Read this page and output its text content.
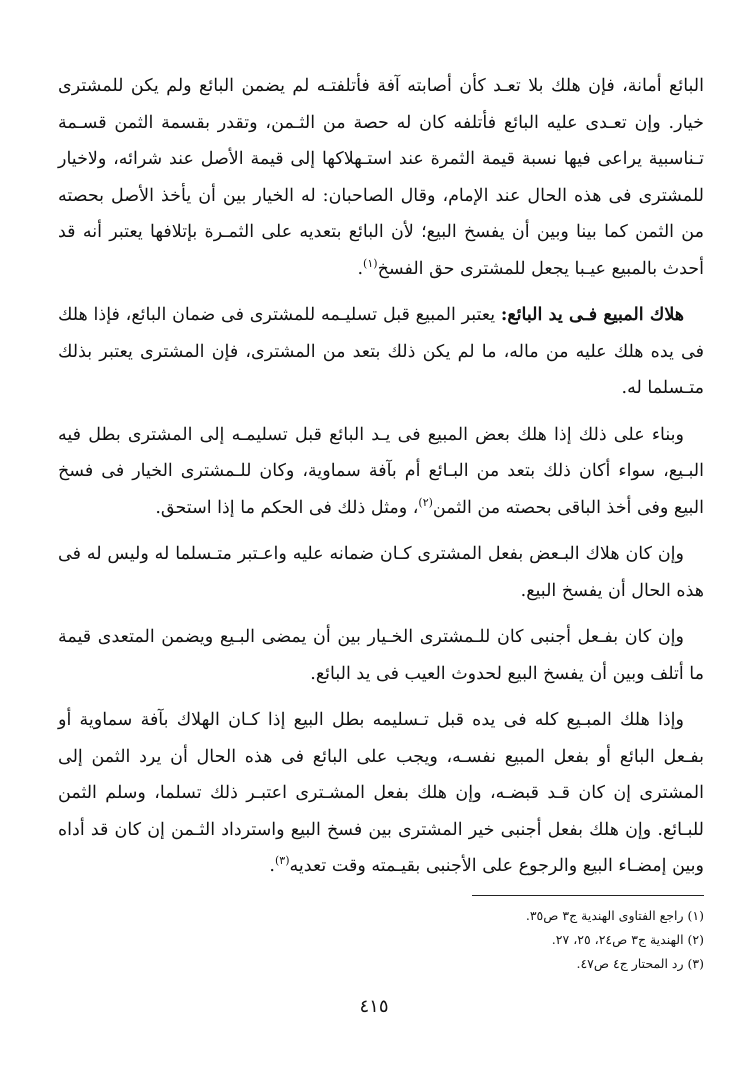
البائع أمانة، فإن هلك بلا تعـد كأن أصابته آفة فأتلفتـه لم يضمن البائع ولم يكن للمشترى خيار. وإن تعـدى عليه البائع فأتلفه كان له حصة من الثـمن، وتقدر بقسمة الثمن قسـمة تـناسبية يراعى فيها نسبة قيمة الثمرة عند استـهلاكها إلى قيمة الأصل عند شرائه، ولاخيار للمشترى فى هذه الحال عند الإمام، وقال الصاحبان: له الخيار بين أن يأخذ الأصل بحصته من الثمن كما بينا وبين أن يفسخ البيع؛ لأن البائع بتعديه على الثمـرة بإتلافها يعتبر أنه قد أحدث بالمبيع عيـبا يجعل للمشترى حق الفسخ$^{(١)}$.

هلاك المبيع فـى يد البائع: يعتبر المبيع قبل تسليـمه للمشترى فى ضمان البائع، فإذا هلك فى يده هلك عليه من ماله، ما لم يكن ذلك بتعد من المشترى، فإن المشترى يعتبر بذلك متـسلما له.

وبناء على ذلك إذا هلك بعض المبيع فى يـد البائع قبل تسليمـه إلى المشترى بطل فيه البـيع، سواء أكان ذلك بتعد من البـائع أم بآفة سماوية، وكان للـمشترى الخيار فى فسخ البيع وفى أخذ الباقى بحصته من الثمن$^{(٢)}$، ومثل ذلك فى الحكم ما إذا استحق.

وإن كان هلاك البـعض بفعل المشترى كـان ضمانه عليه واعـتبر متـسلما له وليس له فى هذه الحال أن يفسخ البيع.

وإن كان بفـعل أجنبى كان للـمشترى الخـيار بين أن يمضى البـيع ويضمن المتعدى قيمة ما أتلف وبين أن يفسخ البيع لحدوث العيب فى يد البائع.

وإذا هلك المبـيع كله فى يده قبل تـسليمه بطل البيع إذا كـان الهلاك بآفة سماوية أو بفـعل البائع أو بفعل المبيع نفسـه، ويجب على البائع فى هذه الحال أن يرد الثمن إلى المشترى إن كان قـد قبضـه، وإن هلك بفعل المشـترى اعتبـر ذلك تسلما، وسلم الثمن للبـائع. وإن هلك بفعل أجنبى خير المشترى بين فسخ البيع واسترداد الثـمن إن كان قد أداه وبين إمضـاء البيع والرجوع على الأجنبى بقيـمته وقت تعديه$^{(٣)}$.

(١) راجع الفتاوى الهندية ج٣ ص٣٥.

(٢) الهندية ج٣ ص٢٤، ٢٥، ٢٧.

(٣) رد المحتار ج٤ ص٤٧.

٤١٥
